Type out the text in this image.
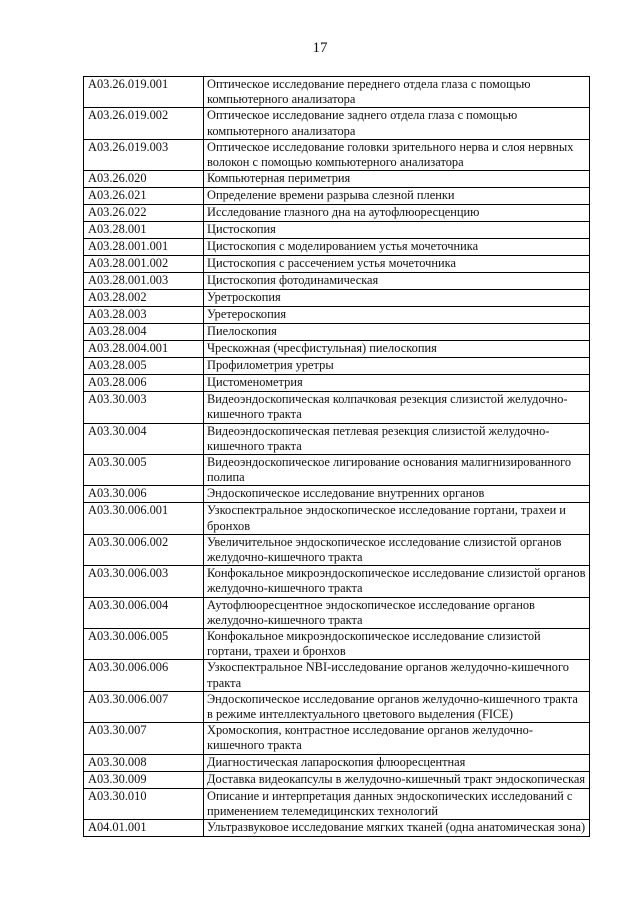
17
A03.26.019.001	Оптическое исследование переднего отдела глаза с помощью компьютерного анализатора
A03.26.019.002	Оптическое исследование заднего отдела глаза с помощью компьютерного анализатора
A03.26.019.003	Оптическое исследование головки зрительного нерва и слоя нервных волокон с помощью компьютерного анализатора
A03.26.020	Компьютерная периметрия
A03.26.021	Определение времени разрыва слезной пленки
A03.26.022	Исследование глазного дна на аутофлюоресценцию
A03.28.001	Цистоскопия
A03.28.001.001	Цистоскопия с моделированием устья мочеточника
A03.28.001.002	Цистоскопия с рассечением устья мочеточника
A03.28.001.003	Цистоскопия фотодинамическая
A03.28.002	Уретроскопия
A03.28.003	Уретероскопия
A03.28.004	Пиелоскопия
A03.28.004.001	Чрескожная (чресфистульная) пиелоскопия
A03.28.005	Профилометрия уретры
A03.28.006	Цистоменометрия
A03.30.003	Видеоэндоскопическая колпачковая резекция слизистой желудочно-кишечного тракта
A03.30.004	Видеоэндоскопическая петлевая резекция слизистой желудочно-кишечного тракта
A03.30.005	Видеоэндоскопическое лигирование основания малигнизированного полипа
A03.30.006	Эндоскопическое исследование внутренних органов
A03.30.006.001	Узкоспектральное эндоскопическое исследование гортани, трахеи и бронхов
A03.30.006.002	Увеличительное эндоскопическое исследование слизистой органов желудочно-кишечного тракта
A03.30.006.003	Конфокальное микроэндоскопическое исследование слизистой органов желудочно-кишечного тракта
A03.30.006.004	Аутофлюоресцентное эндоскопическое исследование органов желудочно-кишечного тракта
A03.30.006.005	Конфокальное микроэндоскопическое исследование слизистой гортани, трахеи и бронхов
A03.30.006.006	Узкоспектральное NBI-исследование органов желудочно-кишечного тракта
A03.30.006.007	Эндоскопическое исследование органов желудочно-кишечного тракта в режиме интеллектуального цветового выделения (FICE)
A03.30.007	Хромоскопия, контрастное исследование органов желудочно-кишечного тракта
A03.30.008	Диагностическая лапароскопия флюоресцентная
A03.30.009	Доставка видеокапсулы в желудочно-кишечный тракт эндоскопическая
A03.30.010	Описание и интерпретация данных эндоскопических исследований с применением телемедицинских технологий
A04.01.001	Ультразвуковое исследование мягких тканей (одна анатомическая зона)
